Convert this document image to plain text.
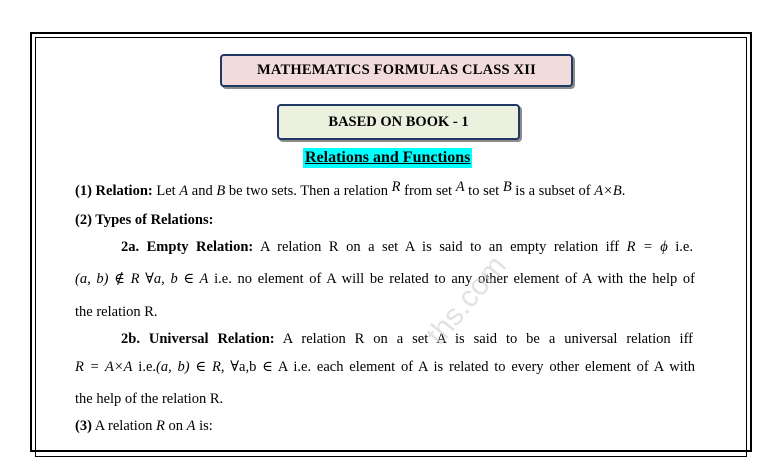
MATHEMATICS FORMULAS CLASS XII
BASED ON BOOK - 1
Relations and Functions
(1) Relation: Let A and B be two sets. Then a relation R from set A to set B is a subset of A×B.
(2) Types of Relations:
2a. Empty Relation: A relation R on a set A is said to an empty relation iff R = ϕ i.e.
(a, b) ∉ R ∀a, b ∈ A i.e. no element of A will be related to any other element of A with the help of
the relation R.
2b. Universal Relation: A relation R on a set A is said to be a universal relation iff
R = A×A i.e.(a, b) ∈ R, ∀a,b ∈ A i.e. each element of A is related to every other element of A with
the help of the relation R.
(3) A relation R on A is:
ths.com
